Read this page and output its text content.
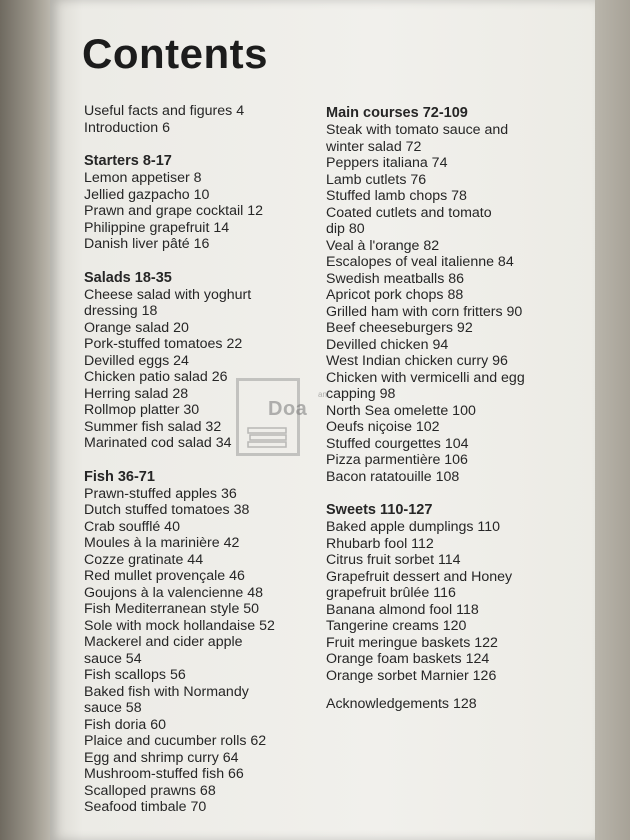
Contents
Useful facts and figures 4
Introduction 6
Starters 8-17
Lemon appetiser 8
Jellied gazpacho 10
Prawn and grape cocktail 12
Philippine grapefruit 14
Danish liver pâté 16
Salads 18-35
Cheese salad with yoghurt
dressing 18
Orange salad 20
Pork-stuffed tomatoes 22
Devilled eggs 24
Chicken patio salad 26
Herring salad 28
Rollmop platter 30
Summer fish salad 32
Marinated cod salad 34
Fish 36-71
Prawn-stuffed apples 36
Dutch stuffed tomatoes 38
Crab soufflé 40
Moules à la marinière 42
Cozze gratinate 44
Red mullet provençale 46
Goujons à la valencienne 48
Fish Mediterranean style 50
Sole with mock hollandaise 52
Mackerel and cider apple
sauce 54
Fish scallops 56
Baked fish with Normandy
sauce 58
Fish doria 60
Plaice and cucumber rolls 62
Egg and shrimp curry 64
Mushroom-stuffed fish 66
Scalloped prawns 68
Seafood timbale 70
Main courses 72-109
Steak with tomato sauce and
winter salad 72
Peppers italiana 74
Lamb cutlets 76
Stuffed lamb chops 78
Coated cutlets and tomato
dip 80
Veal à l'orange 82
Escalopes of veal italienne 84
Swedish meatballs 86
Apricot pork chops 88
Grilled ham with corn fritters 90
Beef cheeseburgers 92
Devilled chicken 94
West Indian chicken curry 96
Chicken with vermicelli and egg
capping 98
North Sea omelette 100
Oeufs niçoise 102
Stuffed courgettes 104
Pizza parmentière 106
Bacon ratatouille 108
Sweets 110-127
Baked apple dumplings 110
Rhubarb fool 112
Citrus fruit sorbet 114
Grapefruit dessert and Honey
grapefruit brûlée 116
Banana almond fool 118
Tangerine creams 120
Fruit meringue baskets 122
Orange foam baskets 124
Orange sorbet Marnier 126
Acknowledgements 128
ant
Doa
